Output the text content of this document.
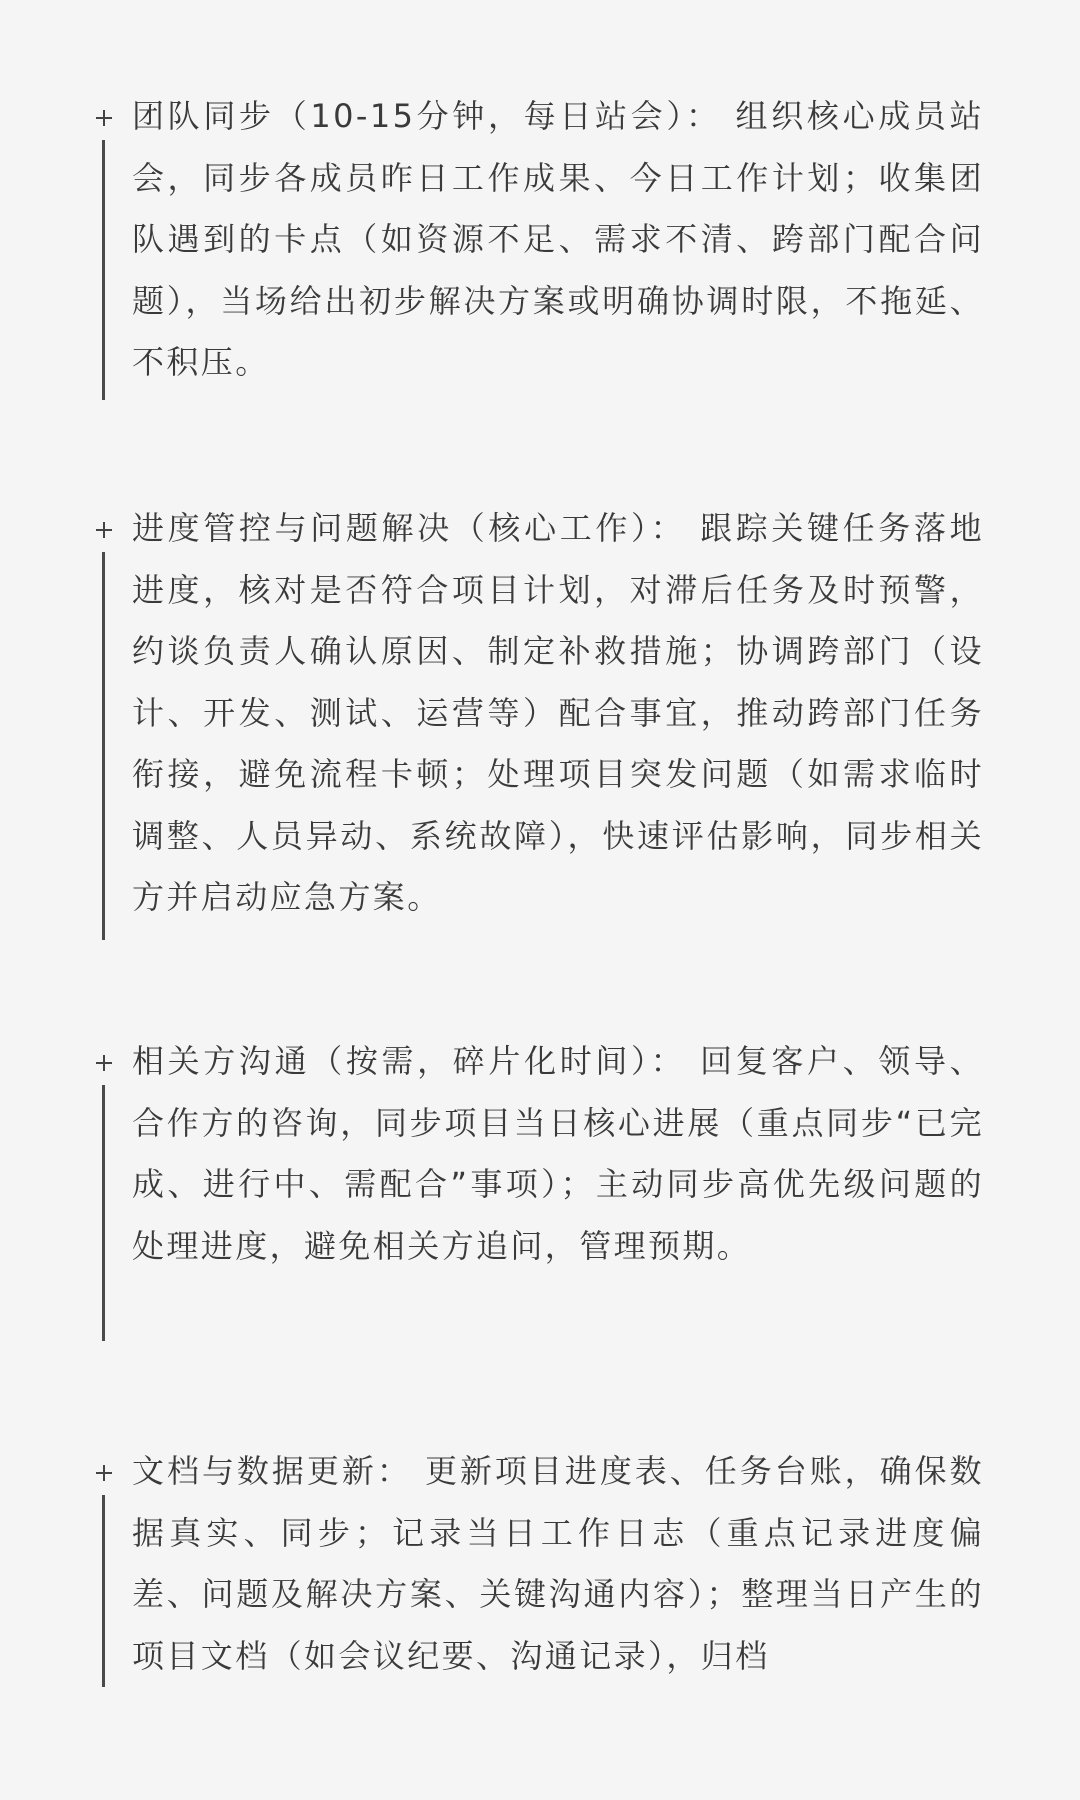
团队同步（10-15分钟，每日站会）： 组织核心成员站会，同步各成员昨日工作成果、今日工作计划；收集团队遇到的卡点（如资源不足、需求不清、跨部门配合问题），当场给出初步解决方案或明确协调时限，不拖延、不积压。
进度管控与问题解决（核心工作）： 跟踪关键任务落地进度，核对是否符合项目计划，对滞后任务及时预警，约谈负责人确认原因、制定补救措施；协调跨部门（设计、开发、测试、运营等）配合事宜，推动跨部门任务衔接，避免流程卡顿；处理项目突发问题（如需求临时调整、人员异动、系统故障），快速评估影响，同步相关方并启动应急方案。
相关方沟通（按需，碎片化时间）： 回复客户、领导、合作方的咨询，同步项目当日核心进展（重点同步“已完成、进行中、需配合”事项）；主动同步高优先级问题的处理进度，避免相关方追问，管理预期。
文档与数据更新： 更新项目进度表、任务台账，确保数据真实、同步；记录当日工作日志（重点记录进度偏差、问题及解决方案、关键沟通内容）；整理当日产生的项目文档（如会议纪要、沟通记录），归档
